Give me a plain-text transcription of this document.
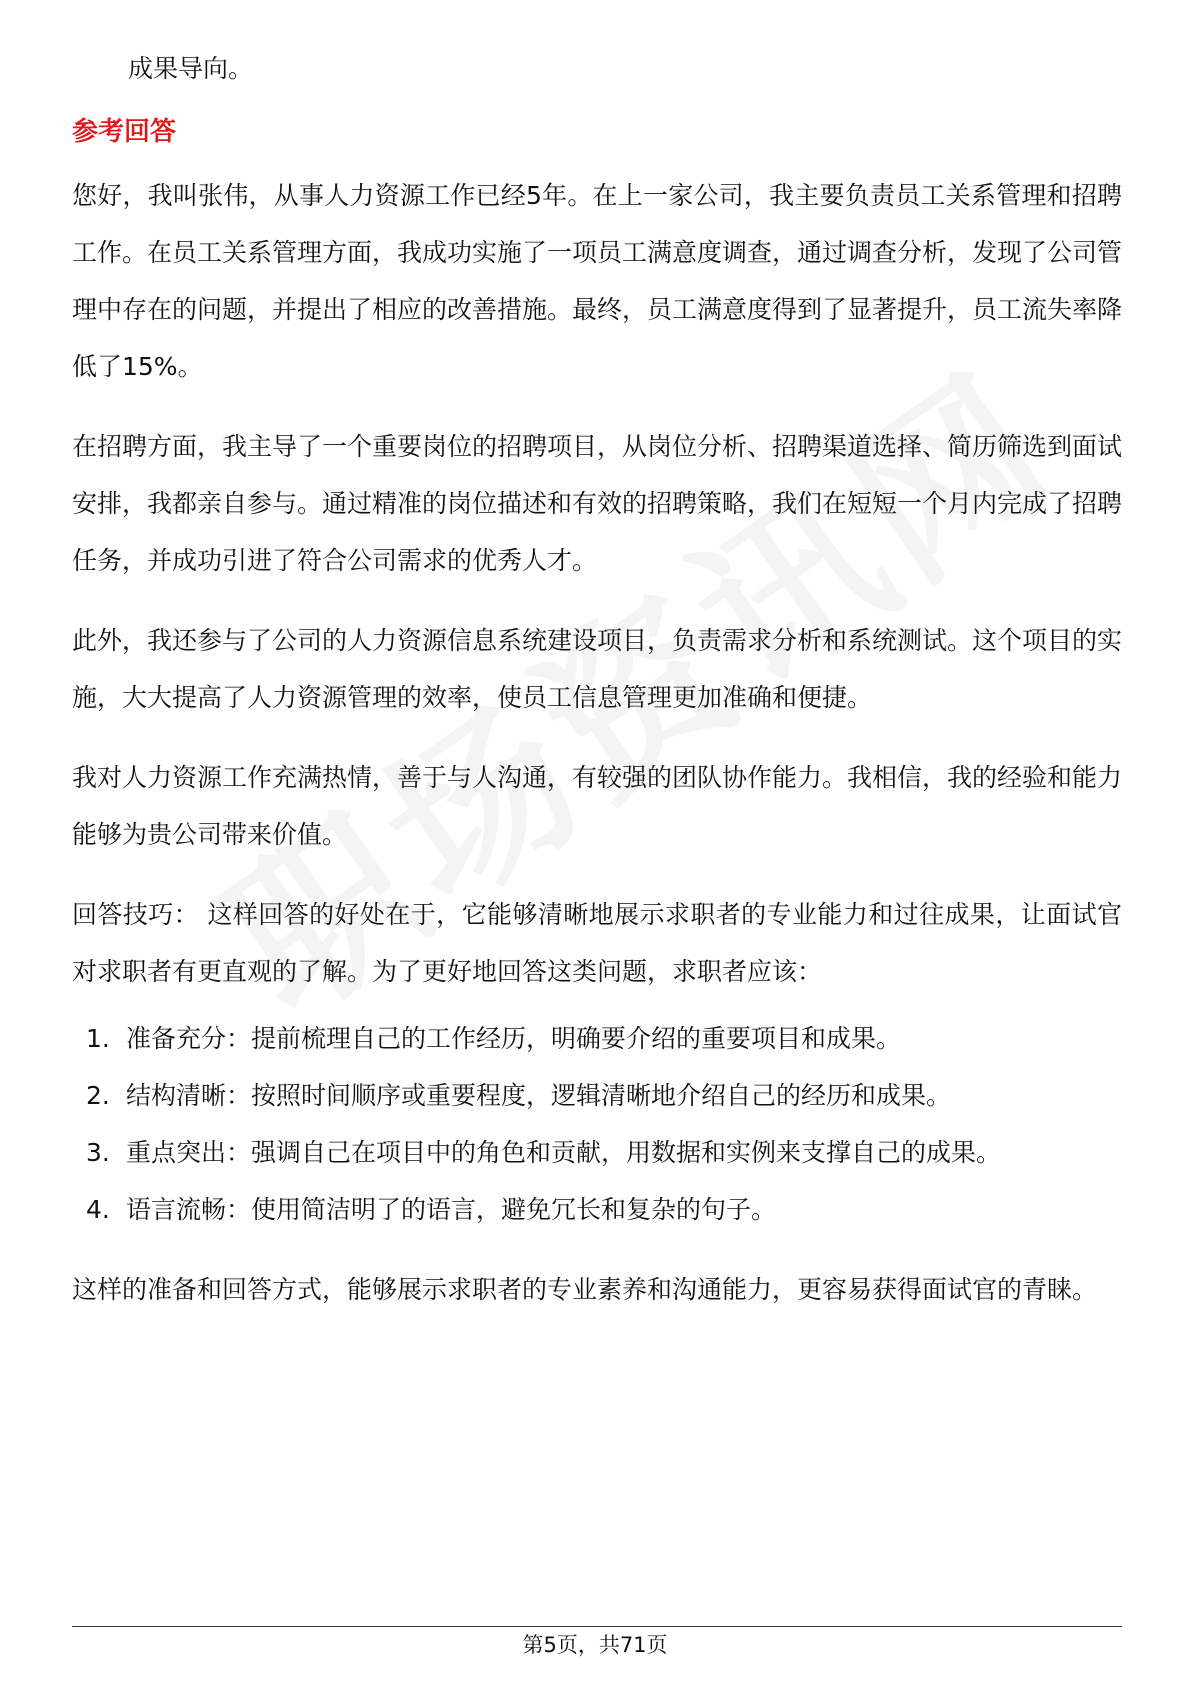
成果导向。

参考回答

您好，我叫张伟，从事人力资源工作已经5年。在上一家公司，我主要负责员工关系管理和招聘工作。在员工关系管理方面，我成功实施了一项员工满意度调查，通过调查分析，发现了公司管理中存在的问题，并提出了相应的改善措施。最终，员工满意度得到了显著提升，员工流失率降低了15%。

在招聘方面，我主导了一个重要岗位的招聘项目，从岗位分析、招聘渠道选择、简历筛选到面试安排，我都亲自参与。通过精准的岗位描述和有效的招聘策略，我们在短短一个月内完成了招聘任务，并成功引进了符合公司需求的优秀人才。

此外，我还参与了公司的人力资源信息系统建设项目，负责需求分析和系统测试。这个项目的实施，大大提高了人力资源管理的效率，使员工信息管理更加准确和便捷。

我对人力资源工作充满热情，善于与人沟通，有较强的团队协作能力。我相信，我的经验和能力能够为贵公司带来价值。

回答技巧： 这样回答的好处在于，它能够清晰地展示求职者的专业能力和过往成果，让面试官对求职者有更直观的了解。为了更好地回答这类问题，求职者应该：

1. 准备充分：提前梳理自己的工作经历，明确要介绍的重要项目和成果。
2. 结构清晰：按照时间顺序或重要程度，逻辑清晰地介绍自己的经历和成果。
3. 重点突出：强调自己在项目中的角色和贡献，用数据和实例来支撑自己的成果。
4. 语言流畅：使用简洁明了的语言，避免冗长和复杂的句子。

这样的准备和回答方式，能够展示求职者的专业素养和沟通能力，更容易获得面试官的青睐。

第5页，共71页
